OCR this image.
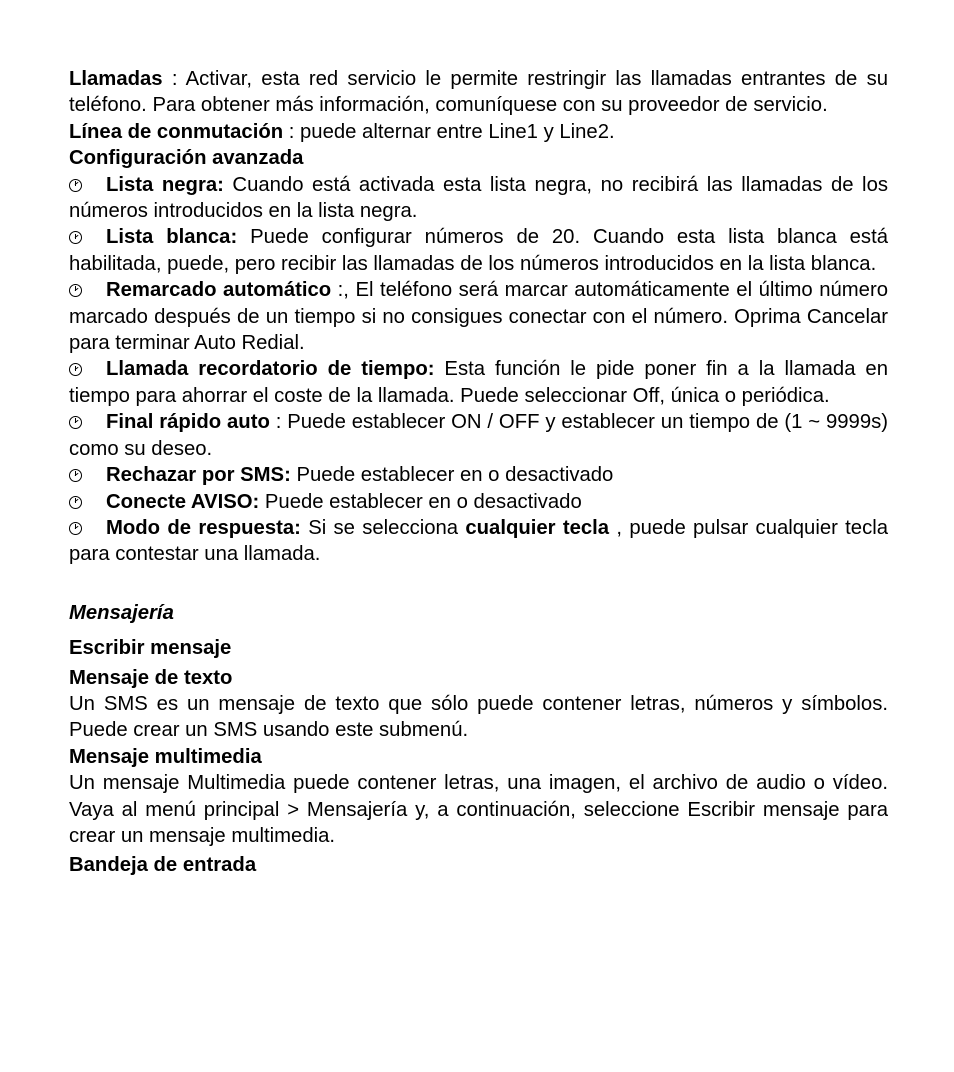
Llamadas : Activar, esta red servicio le permite restringir las llamadas entrantes de su teléfono. Para obtener más información, comuníquese con su proveedor de servicio.

Línea de conmutación : puede alternar entre Line1 y Line2.

Configuración avanzada

Lista negra: Cuando está activada esta lista negra, no recibirá las llamadas de los números introducidos en la lista negra.

Lista blanca: Puede configurar números de 20. Cuando esta lista blanca está habilitada, puede, pero recibir las llamadas de los números introducidos en la lista blanca.

Remarcado automático :, El teléfono será marcar automáticamente el último número marcado después de un tiempo si no consigues conectar con el número. Oprima Cancelar para terminar Auto Redial.

Llamada recordatorio de tiempo: Esta función le pide poner fin a la llamada en tiempo para ahorrar el coste de la llamada. Puede seleccionar Off, única o periódica.

Final rápido auto : Puede establecer ON / OFF y establecer un tiempo de (1 ~ 9999s) como su deseo.

Rechazar por SMS: Puede establecer en o desactivado

Conecte AVISO: Puede establecer en o desactivado

Modo de respuesta: Si se selecciona cualquier tecla , puede pulsar cualquier tecla para contestar una llamada.

Mensajería

Escribir mensaje

Mensaje de texto

Un SMS es un mensaje de texto que sólo puede contener letras, números y símbolos. Puede crear un SMS usando este submenú.

Mensaje multimedia

Un mensaje Multimedia puede contener letras, una imagen, el archivo de audio o vídeo. Vaya al menú principal > Mensajería y, a continuación, seleccione Escribir mensaje para crear un mensaje multimedia.

Bandeja de entrada
